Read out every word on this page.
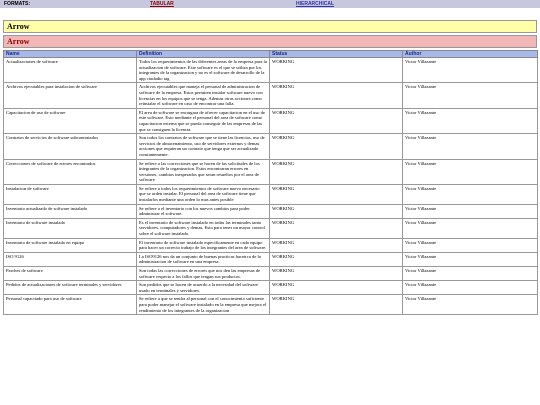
FORMATS:	TABULAR	HIERARCHICAL
Arrow
Arrow
Name	Definition	Status	Author
Actualizaciones de software	Todos los requerimientos de las diferentes areas de la empresa para la actualizacion de software. Este software es el que se utiliza por los integrantes de la organizacion y no es el software de desarrollo de la app ciudadio tag	WORKING	Victor Villazante
Archivos ejecutables para instalacion de software	Archivos ejecutables que maneja el personal de administracion de software de la empresa. Estos permiten instalar software nuevo con licencias en los equipos que se tenga. Ademas otras acciones como reinstalar el software en caso de encontrar una falla.	WORKING	Victor Villazante
Capacitacion de uso de software	El area de software se encargara de ofrecer capacitacion en el uso de este software. Esto mediante el personal del area de software como capacitacion externa que se pueda conseguir de las empresas de las que se consiguen la licencia.	WORKING	Victor Villazante
Contratos de servicios de software subcontratados	Son todos los contratos de software que se tiene las licencias, uso de servicios de almacenamiento, uso de servidores externos y demas acciones que requieran un contrato que tenga que ser actualizado constantemente.	WORKING	Victor Villazante
Correcciones de software de errores encontrados	Se refiere a las correcciones que se hacen de las solicitudes de los integrantes de la organizacion. Estos encontraran errores en versiones, cambios inesperados que seran resueltos por el area de software	WORKING	Victor Villazante
Instalacion de software	Se refiere a todos los requerimientos de software nuevo necesario que se orden instalar. El personal del area de software tiene que instalarlos mediante una orden lo mas antes posible	WORKING	Victor Villazante
Inventario actualizado de software instalado	Se refiere a el inventario con los nuevos cambios para poder administrar el software.	WORKING	Victor Villazante
Inventario de software instalado	Es el inventario de software instalado en todas las terminales tanto servidores, computadores y demas. Esto para tener un mayor control sobre el software instalado.	WORKING	Victor Villazante
Inventario de software instalado en equipo	El inventario de software instalado especificamente en cada equipo para hacer un correcto trabajo de los integrantes del area de software.	WORKING	Victor Villazante
ISO 9126	La ISO9126 nos da un conjunto de buenas practicas haceirca de la administracion de software en una empresa.	WORKING	Victor Villazante
Parches de software	Son todas las correcciones de errores que nos den las empresas de software respecto a los fallos que tengan sus productos.	WORKING	Victor Villazante
Pedidos de actualizaciones de software terminales y servidores	Son pedidos que se hacen de acuerdo a la necesidad del software usado en terminales y servidores.	WORKING	Victor Villazante
Personal capacitado para uso de software	Se refiere a que se tendra al personal con el conocimiento suficiente para poder manejar el software instalado en la empresa que mejora el rendimiento de los integrantes de la organizacion	WORKING	Victor Villazante
